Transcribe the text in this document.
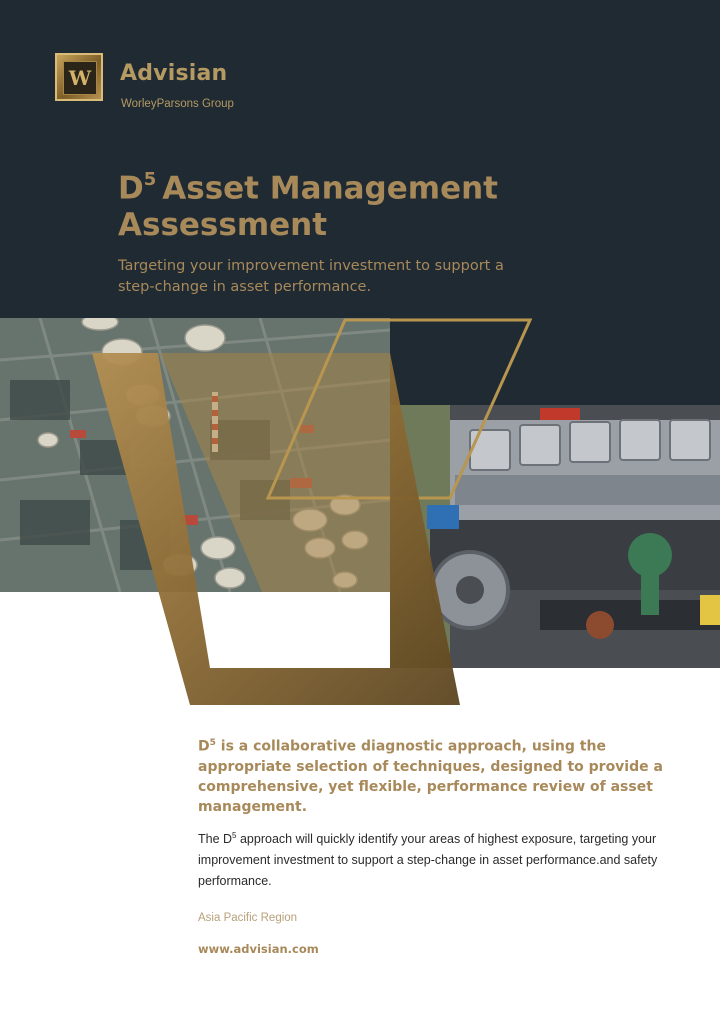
W Advisian
WorleyParsons Group
$D^5$ Asset Management
Assessment
Targeting your improvement investment to support a step-change in asset performance.

$D^5$ is a collaborative diagnostic approach, using the appropriate selection of techniques, designed to provide a comprehensive, yet flexible, performance review of asset management.

The $D^5$ approach will quickly identify your areas of highest exposure, targeting your improvement investment to support a step-change in asset performance.and safety performance.

Asia Pacific Region

www.advisian.com
